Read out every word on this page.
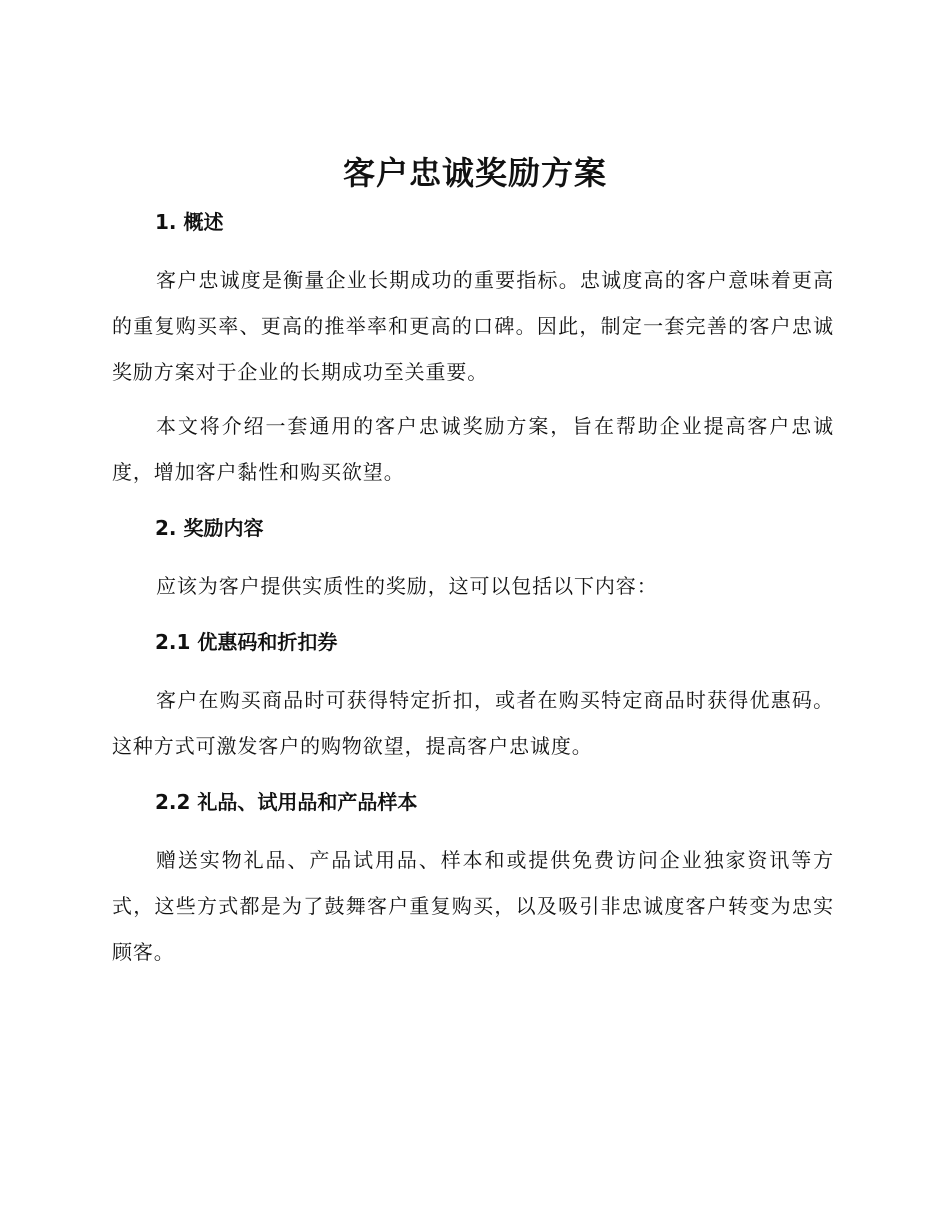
客户忠诚奖励方案
1. 概述

客户忠诚度是衡量企业长期成功的重要指标。忠诚度高的客户意味着更高的重复购买率、更高的推举率和更高的口碑。因此，制定一套完善的客户忠诚奖励方案对于企业的长期成功至关重要。

本文将介绍一套通用的客户忠诚奖励方案，旨在帮助企业提高客户忠诚度，增加客户黏性和购买欲望。

2. 奖励内容

应该为客户提供实质性的奖励，这可以包括以下内容：

2.1 优惠码和折扣券

客户在购买商品时可获得特定折扣，或者在购买特定商品时获得优惠码。这种方式可激发客户的购物欲望，提高客户忠诚度。

2.2 礼品、试用品和产品样本

赠送实物礼品、产品试用品、样本和或提供免费访问企业独家资讯等方式，这些方式都是为了鼓舞客户重复购买，以及吸引非忠诚度客户转变为忠实顾客。
